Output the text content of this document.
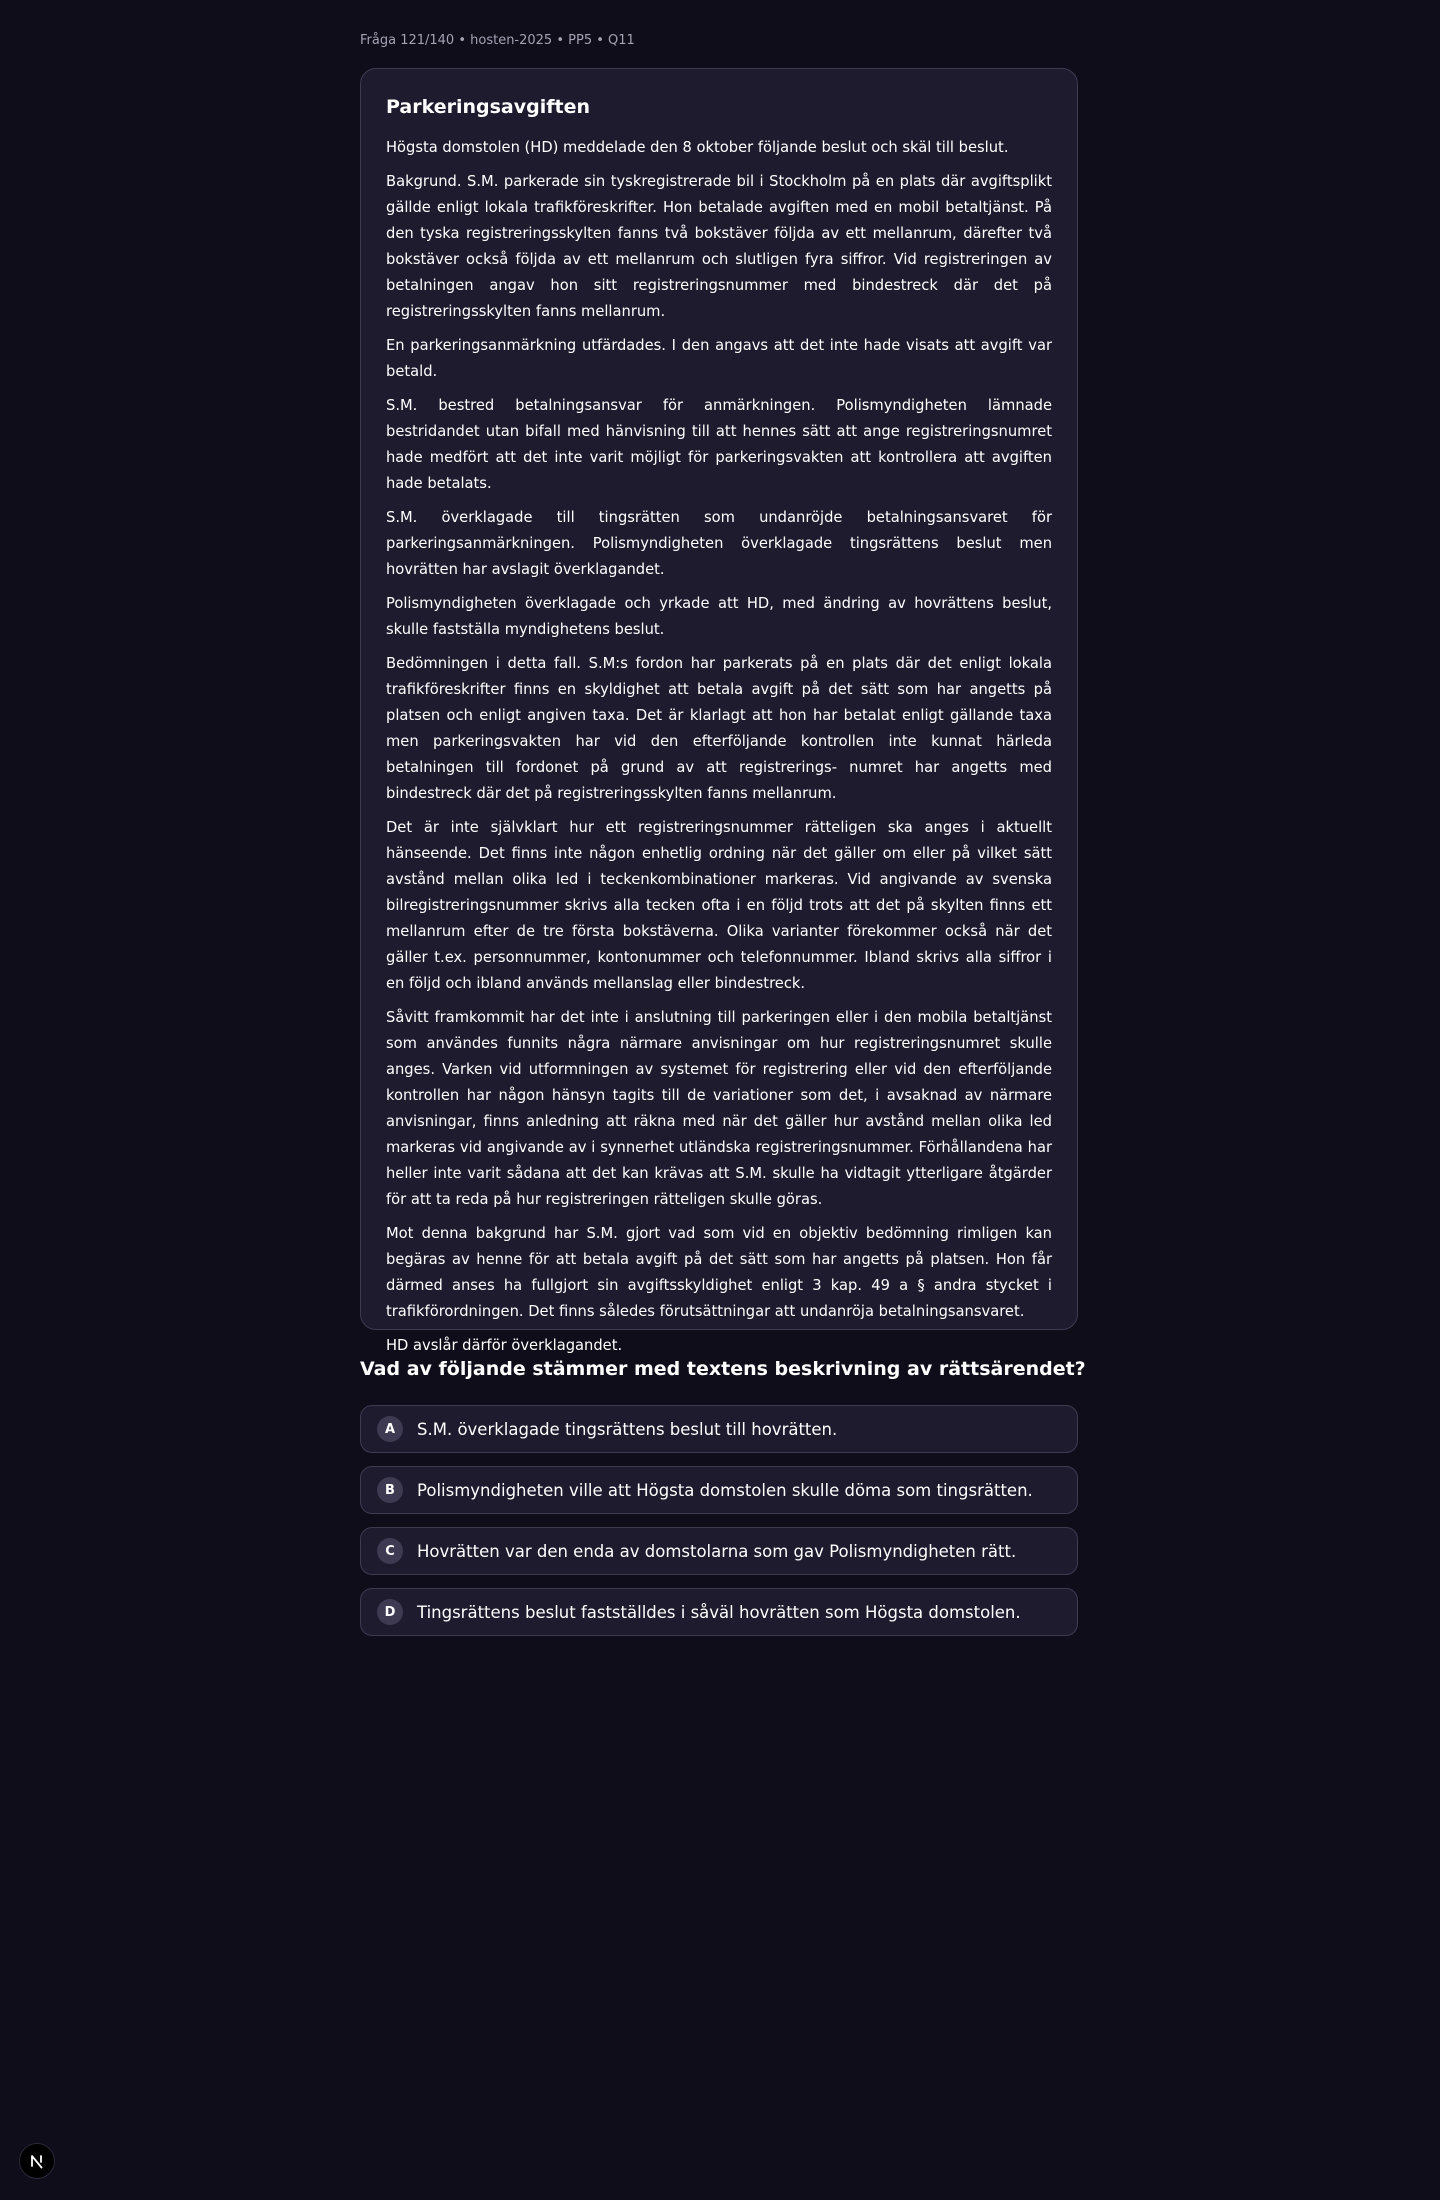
Fråga 121/140 • hosten-2025 • PP5 • Q11
Parkeringsavgiften

Högsta domstolen (HD) meddelade den 8 oktober följande beslut och skäl till beslut.

Bakgrund. S.M. parkerade sin tyskregistrerade bil i Stockholm på en plats där avgiftsplikt gällde enligt lokala trafikföreskrifter. Hon betalade avgiften med en mobil betaltjänst. På den tyska registreringsskylten fanns två bokstäver följda av ett mellanrum, därefter två bokstäver också följda av ett mellanrum och slutligen fyra siffror. Vid registreringen av betalningen angav hon sitt registreringsnummer med bindestreck där det på registreringsskylten fanns mellanrum.

En parkeringsanmärkning utfärdades. I den angavs att det inte hade visats att avgift var betald.

S.M. bestred betalningsansvar för anmärkningen. Polismyndigheten lämnade bestridandet utan bifall med hänvisning till att hennes sätt att ange registreringsnumret hade medfört att det inte varit möjligt för parkeringsvakten att kontrollera att avgiften hade betalats.

S.M. överklagade till tingsrätten som undanröjde betalningsansvaret för parkeringsanmärkningen. Polismyndigheten överklagade tingsrättens beslut men hovrätten har avslagit överklagandet.

Polismyndigheten överklagade och yrkade att HD, med ändring av hovrättens beslut, skulle fastställa myndighetens beslut.

Bedömningen i detta fall. S.M:s fordon har parkerats på en plats där det enligt lokala trafikföreskrifter finns en skyldighet att betala avgift på det sätt som har angetts på platsen och enligt angiven taxa. Det är klarlagt att hon har betalat enligt gällande taxa men parkeringsvakten har vid den efterföljande kontrollen inte kunnat härleda betalningen till fordonet på grund av att registrerings- numret har angetts med bindestreck där det på registreringsskylten fanns mellanrum.

Det är inte självklart hur ett registreringsnummer rätteligen ska anges i aktuellt hänseende. Det finns inte någon enhetlig ordning när det gäller om eller på vilket sätt avstånd mellan olika led i teckenkombinationer markeras. Vid angivande av svenska bilregistreringsnummer skrivs alla tecken ofta i en följd trots att det på skylten finns ett mellanrum efter de tre första bokstäverna. Olika varianter förekommer också när det gäller t.ex. personnummer, kontonummer och telefonnummer. Ibland skrivs alla siffror i en följd och ibland används mellanslag eller bindestreck.

Såvitt framkommit har det inte i anslutning till parkeringen eller i den mobila betaltjänst som användes funnits några närmare anvisningar om hur registreringsnumret skulle anges. Varken vid utformningen av systemet för registrering eller vid den efterföljande kontrollen har någon hänsyn tagits till de variationer som det, i avsaknad av närmare anvisningar, finns anledning att räkna med när det gäller hur avstånd mellan olika led markeras vid angivande av i synnerhet utländska registreringsnummer. Förhållandena har heller inte varit sådana att det kan krävas att S.M. skulle ha vidtagit ytterligare åtgärder för att ta reda på hur registreringen rätteligen skulle göras.

Mot denna bakgrund har S.M. gjort vad som vid en objektiv bedömning rimligen kan begäras av henne för att betala avgift på det sätt som har angetts på platsen. Hon får därmed anses ha fullgjort sin avgiftsskyldighet enligt 3 kap. 49 a § andra stycket i trafikförordningen. Det finns således förutsättningar att undanröja betalningsansvaret.

HD avslår därför överklagandet.

Vad av följande stämmer med textens beskrivning av rättsärendet?
A	S.M. överklagade tingsrättens beslut till hovrätten.
B	Polismyndigheten ville att Högsta domstolen skulle döma som tingsrätten.
C	Hovrätten var den enda av domstolarna som gav Polismyndigheten rätt.
D	Tingsrättens beslut fastställdes i såväl hovrätten som Högsta domstolen.
